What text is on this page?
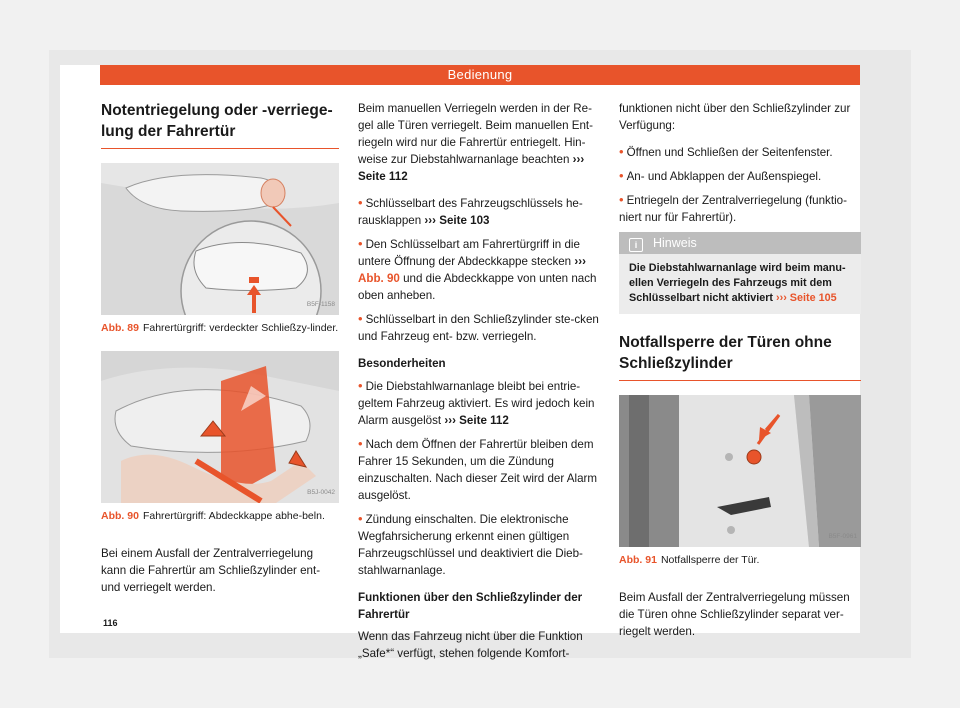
Bedienung
Notentriegelung oder -verriege-lung der Fahrertür
B5F-1158
Abb. 89 Fahrertürgriff: verdeckter Schließzy-linder.
B5J-0042
Abb. 90 Fahrertürgriff: Abdeckkappe abhe-beln.

Bei einem Ausfall der Zentralverriegelung kann die Fahrertür am Schließzylinder ent-und verriegelt werden.

Beim manuellen Verriegeln werden in der Re-gel alle Türen verriegelt. Beim manuellen Ent-riegeln wird nur die Fahrertür entriegelt. Hin-weise zur Diebstahlwarnanlage beachten ››› Seite 112

• Schlüsselbart des Fahrzeugschlüssels he-rausklappen ››› Seite 103
• Den Schlüsselbart am Fahrertürgriff in die untere Öffnung der Abdeckkappe stecken ››› Abb. 90 und die Abdeckkappe von unten nach oben anheben.
• Schlüsselbart in den Schließzylinder ste-cken und Fahrzeug ent- bzw. verriegeln.
Besonderheiten
• Die Diebstahlwarnanlage bleibt bei entrie-geltem Fahrzeug aktiviert. Es wird jedoch kein Alarm ausgelöst ››› Seite 112
• Nach dem Öffnen der Fahrertür bleiben dem Fahrer 15 Sekunden, um die Zündung einzuschalten. Nach dieser Zeit wird der Alarm ausgelöst.
• Zündung einschalten. Die elektronische Wegfahrsicherung erkennt einen gültigen Fahrzeugschlüssel und deaktiviert die Dieb-stahlwarnanlage.
Funktionen über den Schließzylinder der Fahrertür

Wenn das Fahrzeug nicht über die Funktion „Safe*“ verfügt, stehen folgende Komfort-

funktionen nicht über den Schließzylinder zur Verfügung:

• Öffnen und Schließen der Seitenfenster.
• An- und Abklappen der Außenspiegel.
• Entriegeln der Zentralverriegelung (funktio-niert nur für Fahrertür).
i Hinweis
Die Diebstahlwarnanlage wird beim manu-ellen Verriegeln des Fahrzeugs mit dem Schlüsselbart nicht aktiviert ››› Seite 105
Notfallsperre der Türen ohne Schließzylinder
B5F-0961
Abb. 91 Notfallsperre der Tür.

Beim Ausfall der Zentralverriegelung müssen die Türen ohne Schließzylinder separat ver-riegelt werden.

116
